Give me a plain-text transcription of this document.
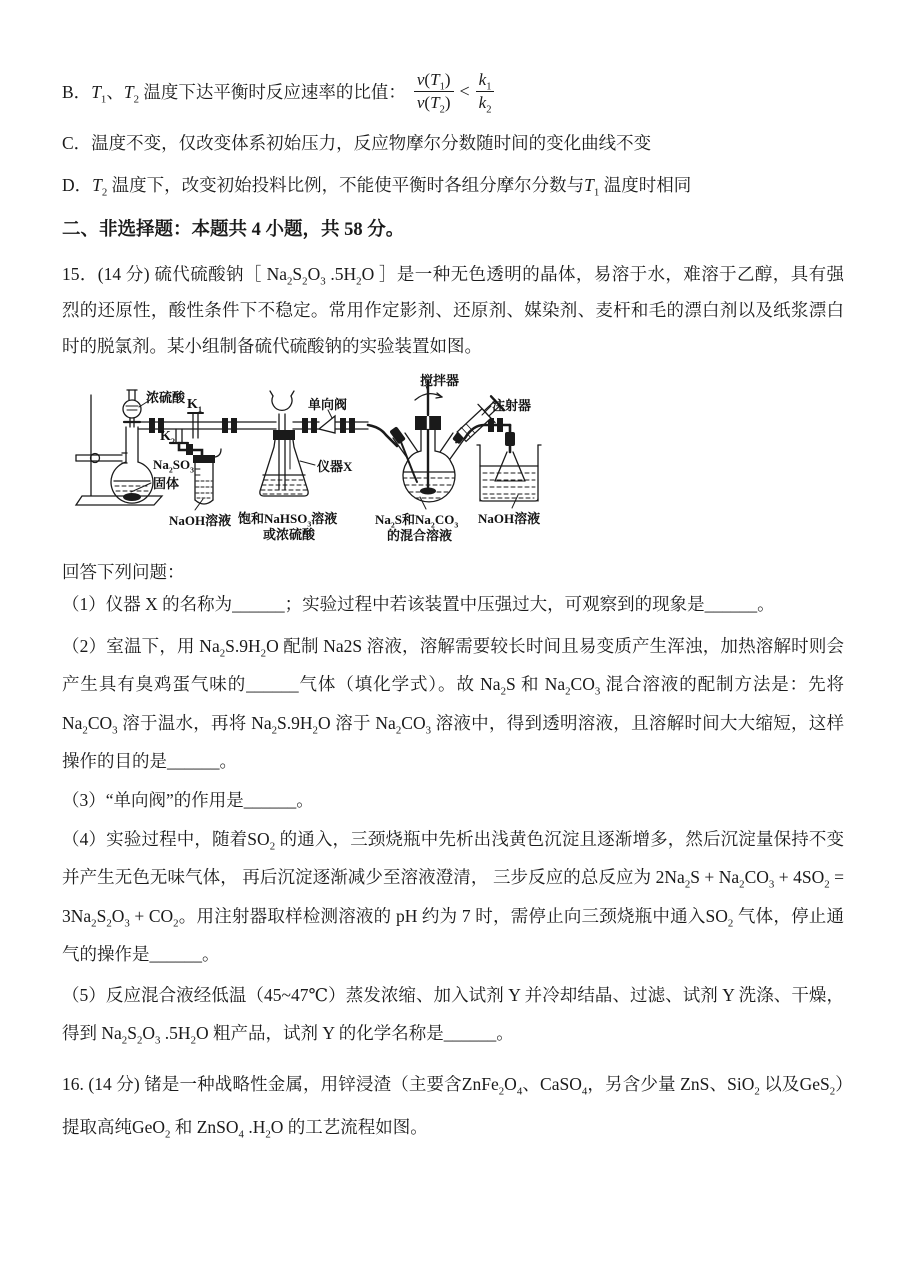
B． $T_1$、$T_2$ 温度下达平衡时反应速率的比值： $\frac{v(T_1)}{v(T_2)} < \frac{k_1}{k_2}$

C．温度不变，仅改变体系初始压力，反应物摩尔分数随时间的变化曲线不变

D．$T_2$ 温度下，改变初始投料比例，不能使平衡时各组分摩尔分数与$T_1$ 温度时相同

二、非选择题：本题共 4 小题，共 58 分。

15．(14 分) 硫代硫酸钠［ $Na_2S_2O_3$ $.5H_2O$ ］是一种无色透明的晶体，易溶于水，难溶于乙醇，具有强烈的还原性，酸性条件下不稳定。常用作定影剂、还原剂、媒染剂、麦杆和毛的漂白剂以及纸浆漂白时的脱氯剂。某小组制备硫代硫酸钠的实验装置如图。

浓硫酸 $K_1$
$K_2$
$Na_2SO_3$
固体
NaOH溶液 饱和NaHSO$_3$溶液
或浓硫酸
仪器X
单向阀
搅拌器
注射器
$Na_2S$和$Na_2CO_3$
的混合溶液
NaOH溶液

回答下列问题：

（1）仪器 X 的名称为______；实验过程中若该装置中压强过大，可观察到的现象是______。

（2）室温下，用 $Na_2S.9H_2O$ 配制 Na2S 溶液，溶解需要较长时间且易变质产生浑浊，加热溶解时则会产生具有臭鸡蛋气味的______气体（填化学式）。故 $Na_2S$ 和 $Na_2CO_3$ 混合溶液的配制方法是：先将$Na_2CO_3$ 溶于温水，再将 $Na_2S.9H_2O$ 溶于 $Na_2CO_3$ 溶液中，得到透明溶液，且溶解时间大大缩短，这样操作的目的是______。

（3）“单向阀”的作用是______。

（4）实验过程中，随着$SO_2$ 的通入，三颈烧瓶中先析出浅黄色沉淀且逐渐增多，然后沉淀量保持不变并产生无色无味气体， 再后沉淀逐渐减少至溶液澄清， 三步反应的总反应为 $2Na_2S + Na_2CO_3 + 4SO_2 = 3Na_2S_2O_3 + CO_2$。用注射器取样检测溶液的 pH 约为 7 时，需停止向三颈烧瓶中通入$SO_2$ 气体，停止通气的操作是______。

（5）反应混合液经低温（45~47℃）蒸发浓缩、加入试剂 Y 并冷却结晶、过滤、试剂 Y 洗涤、干燥， 得到 $Na_2S_2O_3$ $.5H_2O$ 粗产品，试剂 Y 的化学名称是______。

16. (14 分) 锗是一种战略性金属，用锌浸渣（主要含$ZnFe_2O_4$、CaSO$_4$，另含少量 ZnS、SiO$_2$ 以及GeS$_2$）提取高纯GeO$_2$ 和 ZnSO$_4$ $.H_2O$ 的工艺流程如图。
